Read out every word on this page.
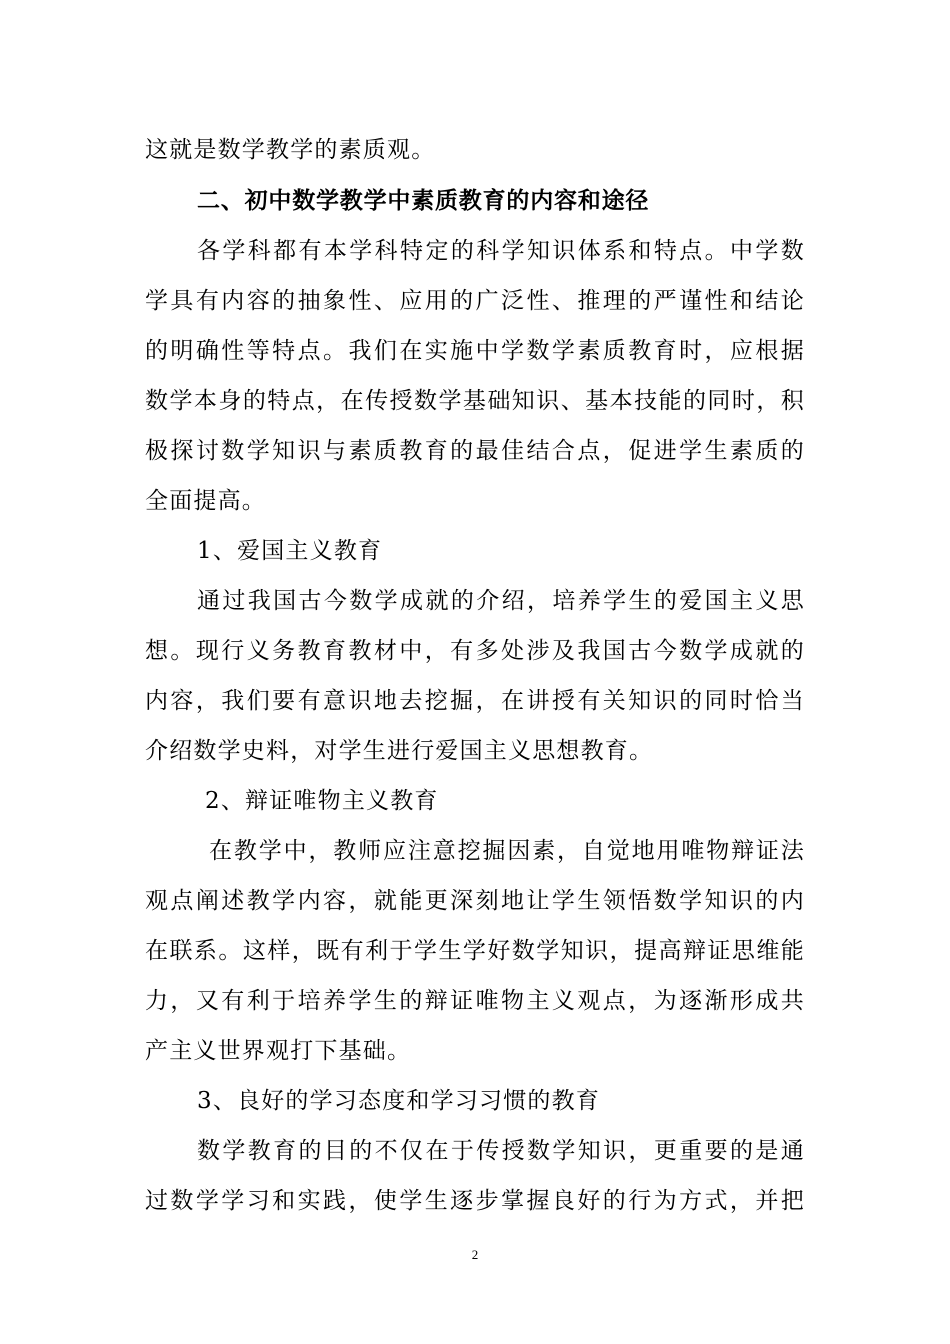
这就是数学教学的素质观。
二、初中数学教学中素质教育的内容和途径
各学科都有本学科特定的科学知识体系和特点。中学数
学具有内容的抽象性、应用的广泛性、推理的严谨性和结论
的明确性等特点。我们在实施中学数学素质教育时，应根据
数学本身的特点，在传授数学基础知识、基本技能的同时，积
极探讨数学知识与素质教育的最佳结合点，促进学生素质的
全面提高。
1、爱国主义教育
通过我国古今数学成就的介绍，培养学生的爱国主义思
想。现行义务教育教材中，有多处涉及我国古今数学成就的
内容，我们要有意识地去挖掘，在讲授有关知识的同时恰当
介绍数学史料，对学生进行爱国主义思想教育。
2、辩证唯物主义教育
在教学中，教师应注意挖掘因素，自觉地用唯物辩证法
观点阐述教学内容，就能更深刻地让学生领悟数学知识的内
在联系。这样，既有利于学生学好数学知识，提高辩证思维能
力，又有利于培养学生的辩证唯物主义观点，为逐渐形成共
产主义世界观打下基础。
3、良好的学习态度和学习习惯的教育
数学教育的目的不仅在于传授数学知识，更重要的是通
过数学学习和实践，使学生逐步掌握良好的行为方式，并把
2
